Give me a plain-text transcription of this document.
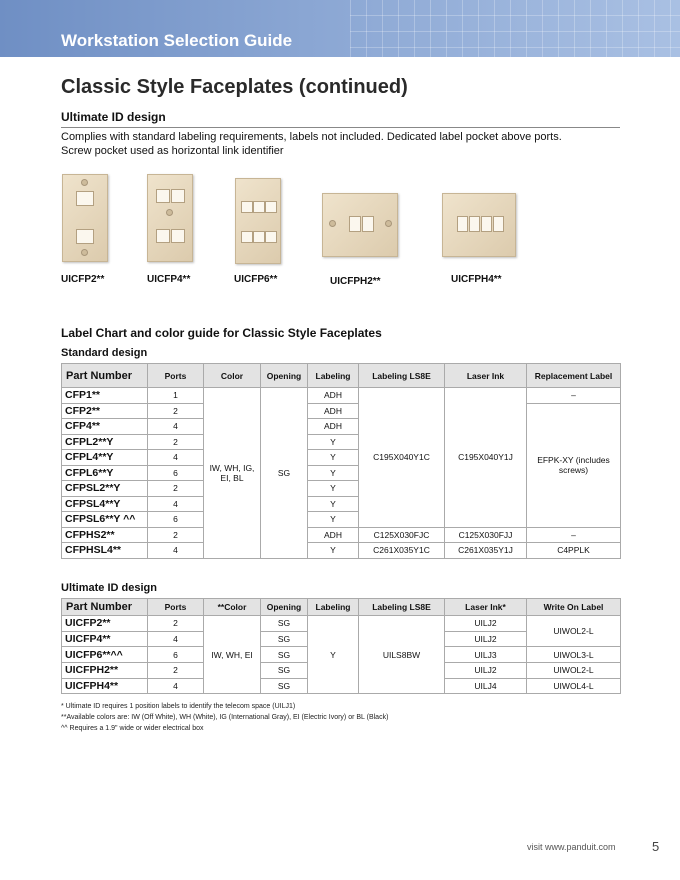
Workstation Selection Guide
Classic Style Faceplates (continued)
Ultimate ID design
Complies with standard labeling requirements, labels not included. Dedicated label pocket above ports.
Screw pocket used as horizontal link identifier
UICFP2**	UICFP4**	UICFP6**	UICFPH2**	UICFPH4**
Label Chart and color guide for Classic Style Faceplates
Standard design
Part Number	Ports	Color	Opening	Labeling	Labeling LS8E	Laser Ink	Replacement Label
CFP1**	1	IW, WH, IG, EI, BL	SG	ADH	C195X040Y1C	C195X040Y1J	–
CFP2**	2			ADH			EFPK-XY (includes screws)
CFP4**	4			ADH			
CFPL2**Y	2			Y			
CFPL4**Y	4			Y			
CFPL6**Y	6			Y			
CFPSL2**Y	2			Y			
CFPSL4**Y	4			Y			
CFPSL6**Y ^^	6			Y			
CFPHS2**	2			ADH	C125X030FJC	C125X030FJJ	–
CFPHSL4**	4			Y	C261X035Y1C	C261X035Y1J	C4PPLK
Ultimate ID design
Part Number	Ports	**Color	Opening	Labeling	Labeling LS8E	Laser Ink*	Write On Label
UICFP2**	2	IW, WH, EI	SG	Y	UILS8BW	UILJ2	UIWOL2-L
UICFP4**	4		SG			UILJ2	
UICFP6**^^	6		SG			UILJ3	UIWOL3-L
UICFPH2**	2		SG			UILJ2	UIWOL2-L
UICFPH4**	4		SG			UILJ4	UIWOL4-L
* Ultimate ID requires 1 position labels to identify the telecom space (UILJ1)
**Available colors are: IW (Off White), WH (White), IG (International Gray), EI (Electric Ivory) or BL (Black)
^^ Requires a 1.9" wide or wider electrical box
visit www.panduit.com	5
